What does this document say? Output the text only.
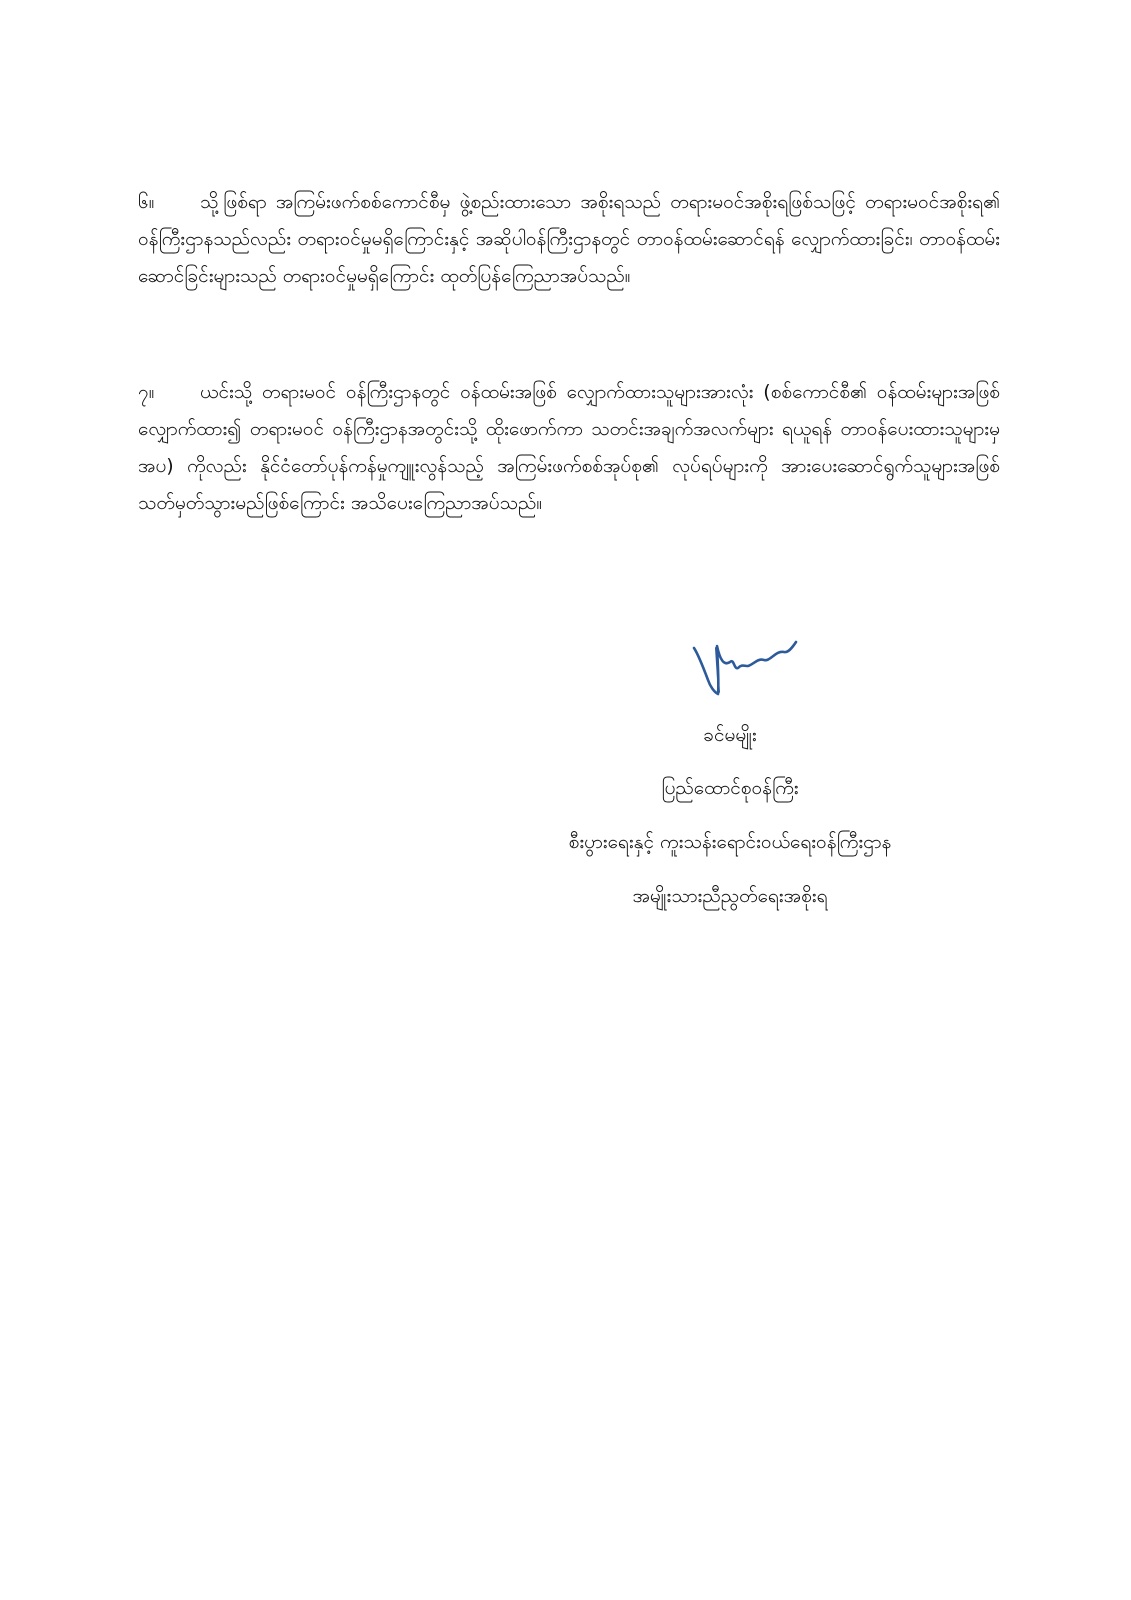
၆။ သို့ဖြစ်ရာ အကြမ်းဖက်စစ်ကောင်စီမှ ဖွဲ့စည်းထားသော အစိုးရသည် တရားမဝင်အစိုးရဖြစ်သဖြင့် တရားမဝင်အစိုးရ၏ ဝန်ကြီးဌာနသည်လည်း တရားဝင်မှုမရှိကြောင်းနှင့် အဆိုပါဝန်ကြီးဌာနတွင် တာဝန်ထမ်းဆောင်ရန် လျှောက်ထားခြင်း၊ တာဝန်ထမ်းဆောင်ခြင်းများသည် တရားဝင်မှုမရှိကြောင်း ထုတ်ပြန်ကြေညာအပ်သည်။
၇။ ယင်းသို့ တရားမဝင် ဝန်ကြီးဌာနတွင် ဝန်ထမ်းအဖြစ် လျှောက်ထားသူများအားလုံး (စစ်ကောင်စီ၏ ဝန်ထမ်းများအဖြစ် လျှောက်ထား၍ တရားမဝင် ဝန်ကြီးဌာနအတွင်းသို့ ထိုးဖောက်ကာ သတင်းအချက်အလက်များ ရယူရန် တာဝန်ပေးထားသူများမှအပ) ကိုလည်း နိုင်ငံတော်ပုန်ကန်မှုကျူးလွန်သည့် အကြမ်းဖက်စစ်အုပ်စု၏ လုပ်ရပ်များကို အားပေးဆောင်ရွက်သူများအဖြစ် သတ်မှတ်သွားမည်ဖြစ်ကြောင်း အသိပေးကြေညာအပ်သည်။
ခင်မမျိုး
ပြည်ထောင်စုဝန်ကြီး
စီးပွားရေးနှင့် ကူးသန်းရောင်းဝယ်ရေးဝန်ကြီးဌာန
အမျိုးသားညီညွတ်ရေးအစိုးရ
